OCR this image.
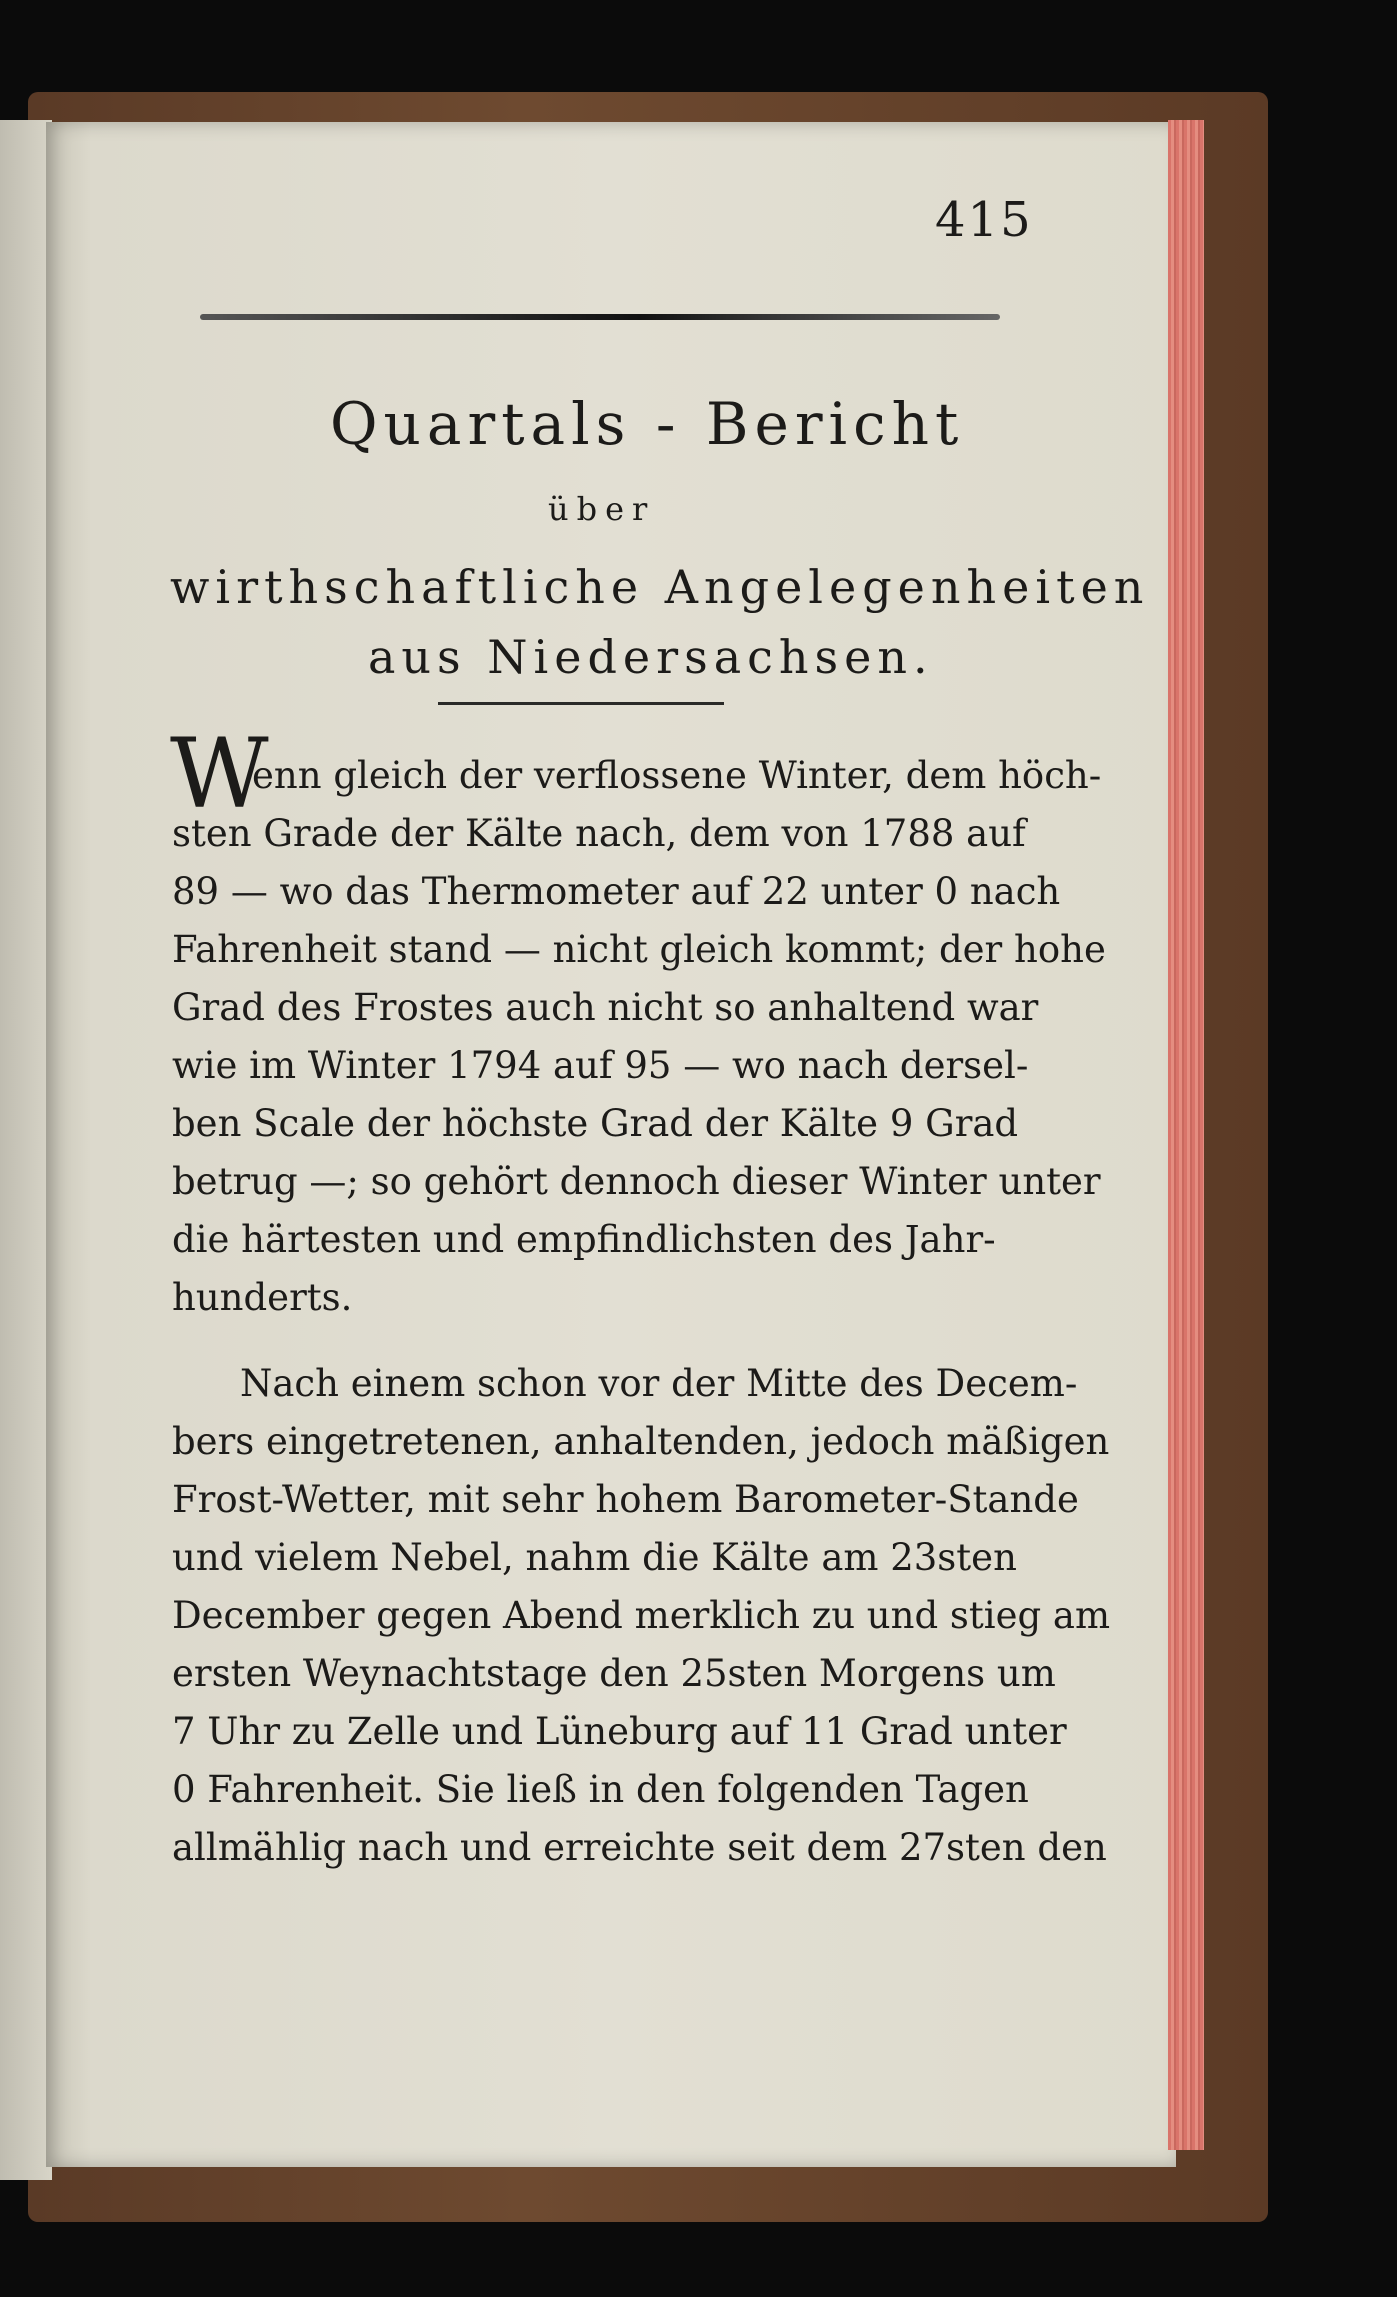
415
Quartals - Bericht
über
wirthschaftliche Angelegenheiten
aus Niedersachsen.
W
enn gleich der verflossene Winter, dem höch-
sten Grade der Kälte nach, dem von 1788 auf
89 — wo das Thermometer auf 22 unter 0 nach
Fahrenheit stand — nicht gleich kommt; der hohe
Grad des Frostes auch nicht so anhaltend war
wie im Winter 1794 auf 95 — wo nach dersel-
ben Scale der höchste Grad der Kälte 9 Grad
betrug —; so gehört dennoch dieser Winter unter
die härtesten und empfindlichsten des Jahr-
hunderts.
Nach einem schon vor der Mitte des Decem-
bers eingetretenen, anhaltenden, jedoch mäßigen
Frost-Wetter, mit sehr hohem Barometer-Stande
und vielem Nebel, nahm die Kälte am 23sten
December gegen Abend merklich zu und stieg am
ersten Weynachtstage den 25sten Morgens um
7 Uhr zu Zelle und Lüneburg auf 11 Grad unter
0 Fahrenheit. Sie ließ in den folgenden Tagen
allmählig nach und erreichte seit dem 27sten den
